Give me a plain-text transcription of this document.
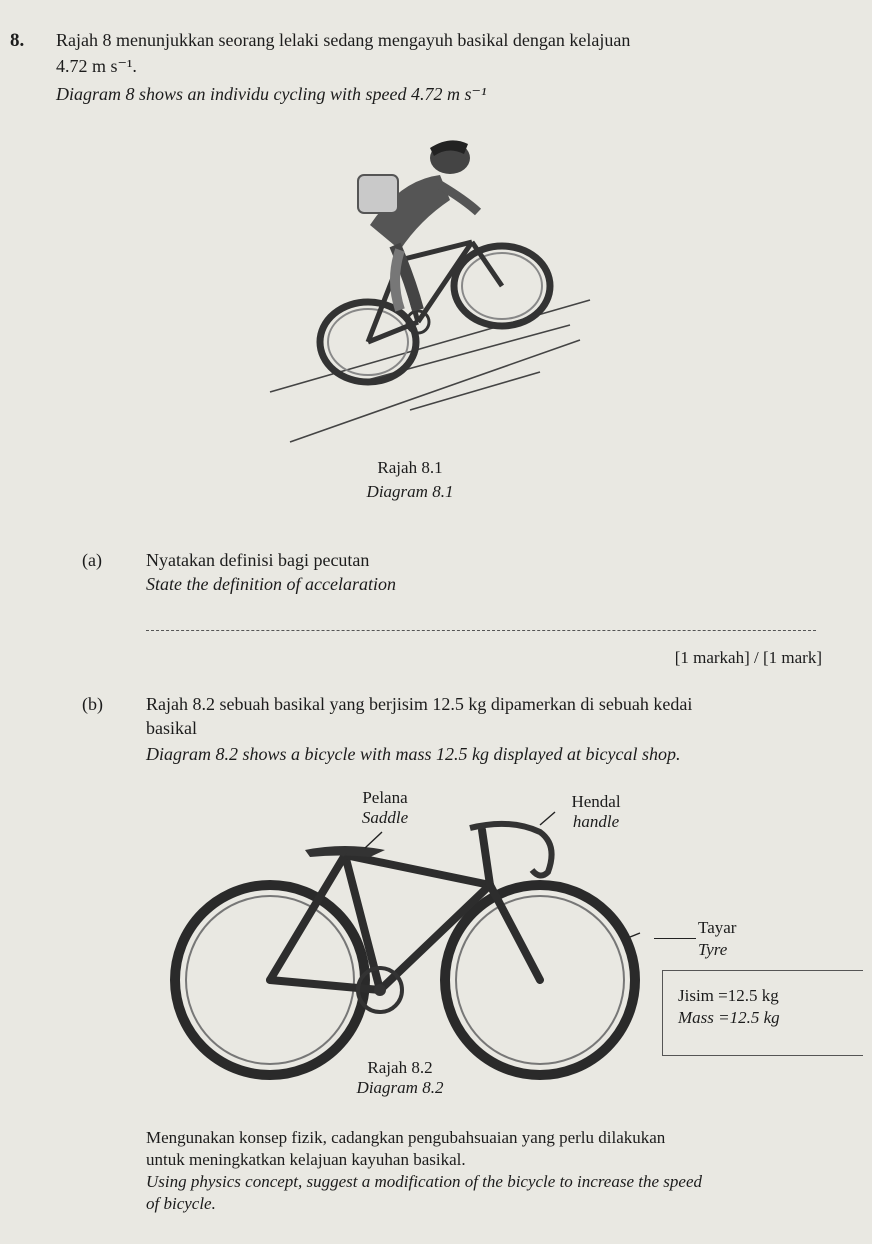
8. Rajah 8 menunjukkan seorang lelaki sedang mengayuh basikal dengan kelajuan
4.72 m s⁻¹.
Diagram 8 shows an individu cycling with speed 4.72 m s⁻¹
Rajah 8.1
Diagram 8.1
(a) Nyatakan definisi bagi pecutan
State the definition of accelaration
[1 markah] / [1 mark]
(b) Rajah 8.2 sebuah basikal yang berjisim 12.5 kg dipamerkan di sebuah kedai
basikal
Diagram 8.2 shows a bicycle with mass 12.5 kg displayed at bicycal shop.
Pelana
Saddle
Hendal
handle
Tayar
Tyre
Jisim =12.5 kg
Mass =12.5 kg
Rajah 8.2
Diagram 8.2
Mengunakan konsep fizik, cadangkan pengubahsuaian yang perlu dilakukan
untuk meningkatkan kelajuan kayuhan basikal.
Using physics concept, suggest a modification of the bicycle to increase the speed
of bicycle.
